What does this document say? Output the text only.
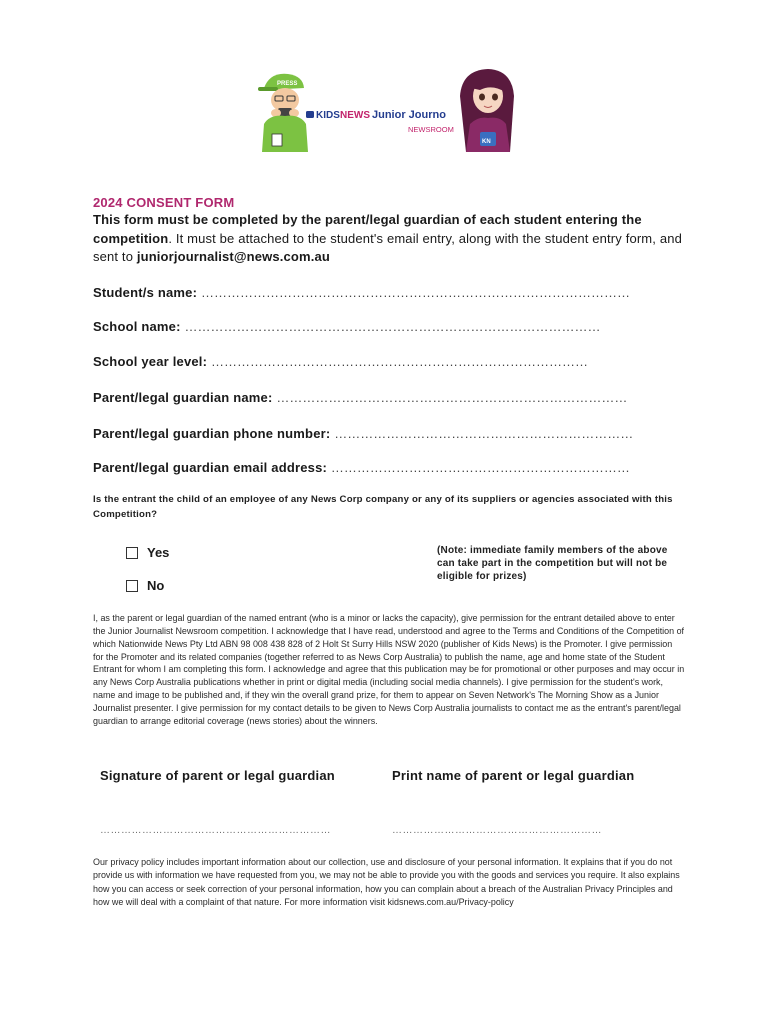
PRESS
KIDS NEWS Junior Journo
NEWSROOM
KN
2024 CONSENT FORM
This form must be completed by the parent/legal guardian of each student entering the competition. It must be attached to the student's email entry, along with the student entry form, and sent to juniorjournalist@news.com.au
Student/s name: ………………………………………………………………………………………
School name: ……………………………………………………………………………………
School year level: ……………………………………………………………………………
Parent/legal guardian name: ………………………………………………………………………
Parent/legal guardian phone number: ……………………………………………………………
Parent/legal guardian email address: ……………………………………………………………
Is the entrant the child of an employee of any News Corp company or any of its suppliers or agencies associated with this Competition?
Yes
No
(Note: immediate family members of the above can take part in the competition but will not be eligible for prizes)
I, as the parent or legal guardian of the named entrant (who is a minor or lacks the capacity), give permission for the entrant detailed above to enter the Junior Journalist Newsroom competition. I acknowledge that I have read, understood and agree to the Terms and Conditions of the Competition of which Nationwide News Pty Ltd ABN 98 008 438 828 of 2 Holt St Surry Hills NSW 2020 (publisher of Kids News) is the Promoter. I give permission for the Promoter and its related companies (together referred to as News Corp Australia) to publish the name, age and home state of the Student Entrant for whom I am completing this form. I acknowledge and agree that this publication may be for promotional or other purposes and may occur in any News Corp Australia publications whether in print or digital media (including social media channels). I give permission for the student's work, name and image to be published and, if they win the overall grand prize, for them to appear on Seven Network's The Morning Show as a Junior Journalist presenter. I give permission for my contact details to be given to News Corp Australia journalists to contact me as the entrant's parent/legal guardian to arrange editorial coverage (news stories) about the winners.
Signature of parent or legal guardian	Print name of parent or legal guardian
…………………………………………………………	……………………………………………………
Our privacy policy includes important information about our collection, use and disclosure of your personal information. It explains that if you do not provide us with information we have requested from you, we may not be able to provide you with the goods and services you require. It also explains how you can access or seek correction of your personal information, how you can complain about a breach of the Australian Privacy Principles and how we will deal with a complaint of that nature. For more information visit kidsnews.com.au/Privacy-policy
